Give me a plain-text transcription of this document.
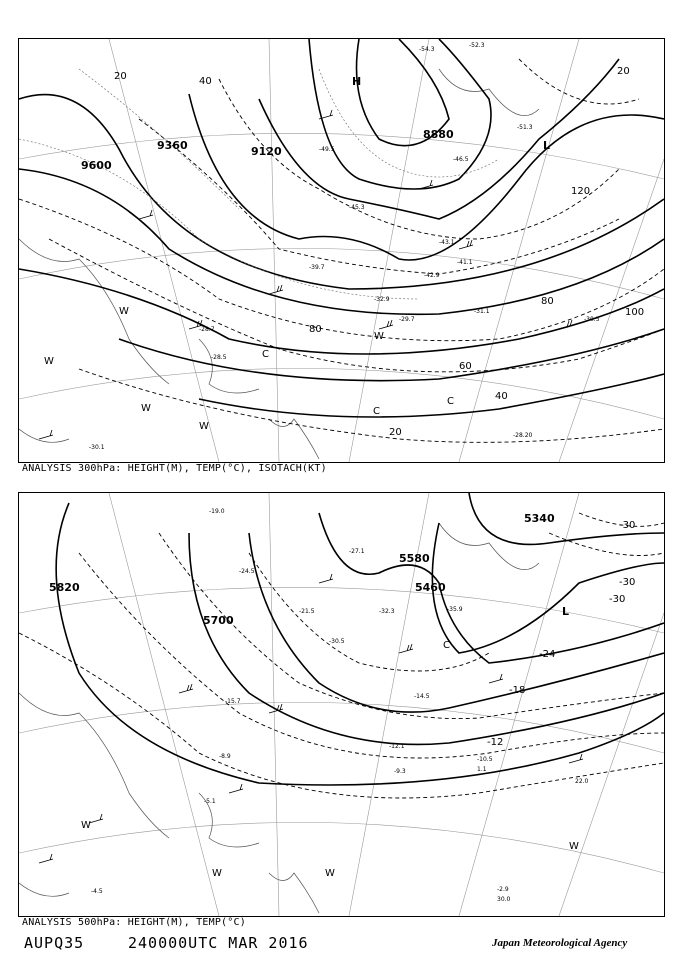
9600
9360	9120
8880
20	20
20
40
40
60
80
80
100
120
H
L
C
C
C
W
W
W
W
W
-54.3
-52.3
-51.3
-49.5
-46.5
-45.3
-43.1
-42.9
-41.1
-39.7
-32.9
-31.1
-30.5
-29.7
-28.7
-28.5
-28.20
-30.1
ANALYSIS 300hPa: HEIGHT(M), TEMP(°C), ISOTACH(KT)
5820
5700
5580
5460
5340
-12
-18
-24
-30
-30
-30
L
C
W
W	W
W
-35.9
-32.3
-30.5
-27.1
-24.5
-21.5
-19.0
-15.7
-14.5
-12.1
-10.5
-9.3
-8.9
-5.1
-4.5	-2.9
1.1
22.0
30.0
ANALYSIS 500hPa: HEIGHT(M), TEMP(°C)
AUPQ35	240000UTC MAR 2016	Japan Meteorological Agency
